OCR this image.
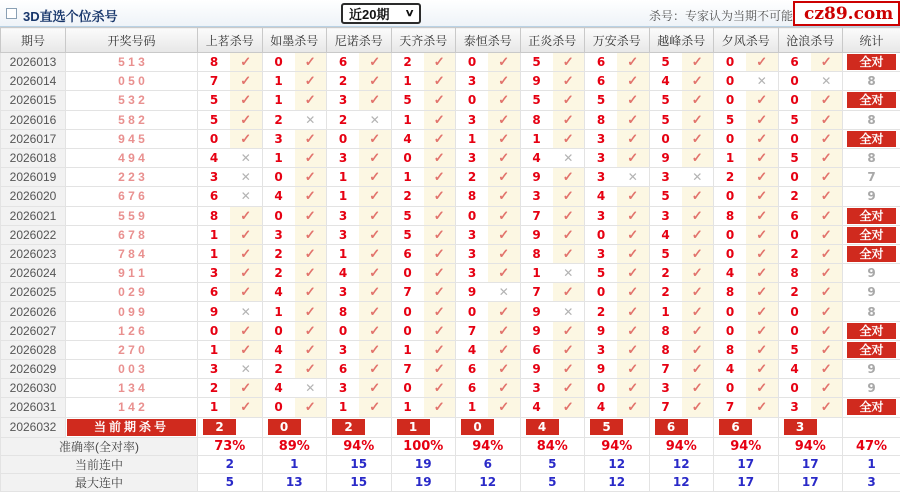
3D直选个位杀号	近20期 ∨	杀号：专家认为当期不可能 cz89.com
期号	开奖号码	上茗杀号	如墨杀号	尼诺杀号	天齐杀号	泰恒杀号	正炎杀号	万安杀号	越峰杀号	夕风杀号	沧浪杀号	统计
2026013	5 1 3	8 ✓	0 ✓	6 ✓	2 ✓	0 ✓	5 ✓	6 ✓	5 ✓	0 ✓	6 ✓	全对

2026014	0 5 0	7 ✓	1 ✓	2 ✓	1 ✓	3 ✓	9 ✓	6 ✓	4 ✓	0 ✕	0 ✕	8
2026015	5 3 2	5 ✓	1 ✓	3 ✓	5 ✓	0 ✓	5 ✓	5 ✓	5 ✓	0 ✓	0 ✓	全对

2026016	5 8 2	5 ✓	2 ✕	2 ✕	1 ✓	3 ✓	8 ✓	8 ✓	5 ✓	5 ✓	5 ✓	8
2026017	9 4 5	0 ✓	3 ✓	0 ✓	4 ✓	1 ✓	1 ✓	3 ✓	0 ✓	0 ✓	0 ✓	全对

2026018	4 9 4	4 ✕	1 ✓	3 ✓	0 ✓	3 ✓	4 ✕	3 ✓	9 ✓	1 ✓	5 ✓	8
2026019	2 2 3	3 ✕	0 ✓	1 ✓	1 ✓	2 ✓	9 ✓	3 ✕	3 ✕	2 ✓	0 ✓	7
2026020	6 7 6	6 ✕	4 ✓	1 ✓	2 ✓	8 ✓	3 ✓	4 ✓	5 ✓	0 ✓	2 ✓	9
2026021	5 5 9	8 ✓	0 ✓	3 ✓	5 ✓	0 ✓	7 ✓	3 ✓	3 ✓	8 ✓	6 ✓	全对

2026022	6 7 8	1 ✓	3 ✓	3 ✓	5 ✓	3 ✓	9 ✓	0 ✓	4 ✓	0 ✓	0 ✓	全对

2026023	7 8 4	1 ✓	2 ✓	1 ✓	6 ✓	3 ✓	8 ✓	3 ✓	5 ✓	0 ✓	2 ✓	全对

2026024	9 1 1	3 ✓	2 ✓	4 ✓	0 ✓	3 ✓	1 ✕	5 ✓	2 ✓	4 ✓	8 ✓	9
2026025	0 2 9	6 ✓	4 ✓	3 ✓	7 ✓	9 ✕	7 ✓	0 ✓	2 ✓	8 ✓	2 ✓	9
2026026	0 9 9	9 ✕	1 ✓	8 ✓	0 ✓	0 ✓	9 ✕	2 ✓	1 ✓	0 ✓	0 ✓	8
2026027	1 2 6	0 ✓	0 ✓	0 ✓	0 ✓	7 ✓	9 ✓	9 ✓	8 ✓	0 ✓	0 ✓	全对

2026028	2 7 0	1 ✓	4 ✓	3 ✓	1 ✓	4 ✓	6 ✓	3 ✓	8 ✓	8 ✓	5 ✓	全对

2026029	0 0 3	3 ✕	2 ✓	6 ✓	7 ✓	6 ✓	9 ✓	9 ✓	7 ✓	4 ✓	4 ✓	9
2026030	1 3 4	2 ✓	4 ✕	3 ✓	0 ✓	6 ✓	3 ✓	0 ✓	3 ✓	0 ✓	0 ✓	9
2026031	1 4 2	1 ✓	0 ✓	1 ✓	1 ✓	1 ✓	4 ✓	4 ✓	7 ✓	7 ✓	3 ✓	全对

2026032	当前期杀号	2	0	2	1	0	4	5	6	6	3	

准确率(全对率)		73%	89%	94%	100%	94%	84%	94%	94%	94%	94%	47%
当前连中		2	1	15	19	6	5	12	12	17	17	1
最大连中		5	13	15	19	12	5	12	12	17	17	3
